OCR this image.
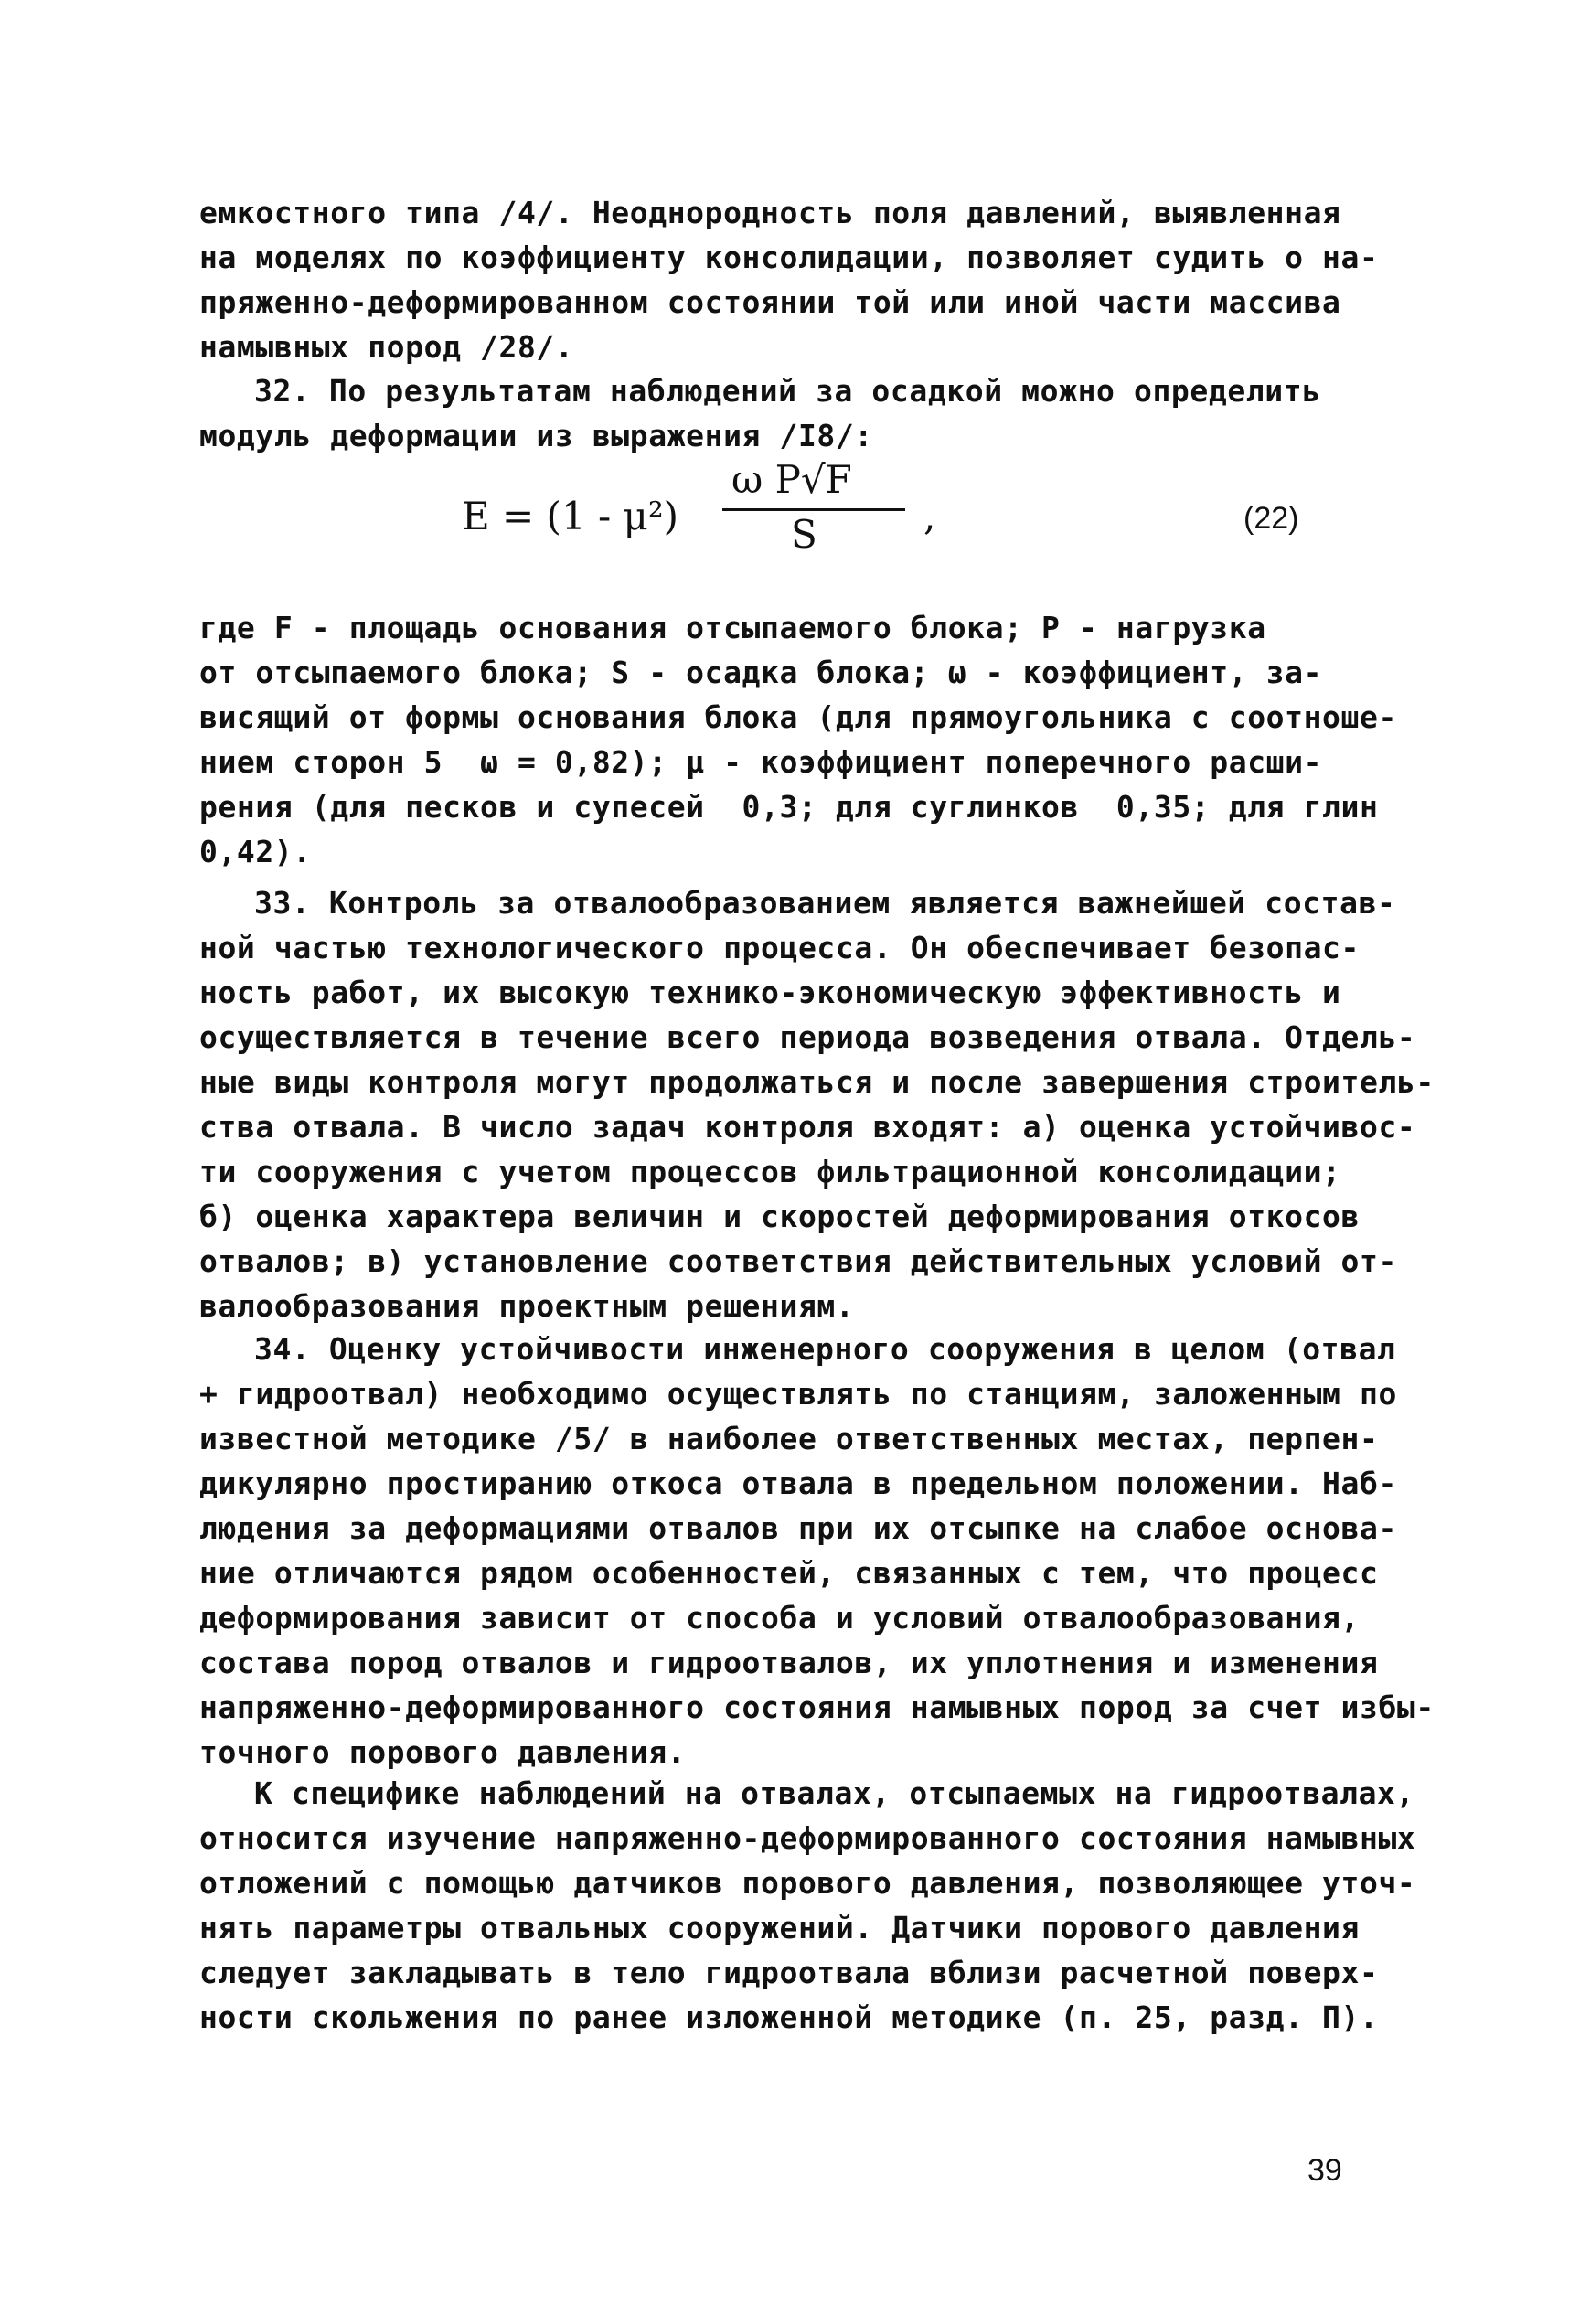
емкостного типа /4/. Неоднородность поля давлений, выявленная
на моделях по коэффициенту консолидации, позволяет судить о на-
пряженно-деформированном состоянии той или иной части массива
намывных пород /28/.
32. По результатам наблюдений за осадкой можно определить
модуль деформации из выражения /I8/:
E = (1 - μ²)
ω P√F
S	,	(22)
где F - площадь основания отсыпаемого блока; P - нагрузка
от отсыпаемого блока; S - осадка блока; ω - коэффициент, за-
висящий от формы основания блока (для прямоугольника с соотноше-
нием сторон 5  ω = 0,82); μ - коэффициент поперечного расши-
рения (для песков и супесей  0,3; для суглинков  0,35; для глин
0,42).
33. Контроль за отвалообразованием является важнейшей состав-
ной частью технологического процесса. Он обеспечивает безопас-
ность работ, их высокую технико-экономическую эффективность и
осуществляется в течение всего периода возведения отвала. Отдель-
ные виды контроля могут продолжаться и после завершения строитель-
ства отвала. В число задач контроля входят: а) оценка устойчивос-
ти сооружения с учетом процессов фильтрационной консолидации;
б) оценка характера величин и скоростей деформирования откосов
отвалов; в) установление соответствия действительных условий от-
валообразования проектным решениям.
34. Оценку устойчивости инженерного сооружения в целом (отвал
+ гидроотвал) необходимо осуществлять по станциям, заложенным по
известной методике /5/ в наиболее ответственных местах, перпен-
дикулярно простиранию откоса отвала в предельном положении. Наб-
людения за деформациями отвалов при их отсыпке на слабое основа-
ние отличаются рядом особенностей, связанных с тем, что процесс
деформирования зависит от способа и условий отвалообразования,
состава пород отвалов и гидроотвалов, их уплотнения и изменения
напряженно-деформированного состояния намывных пород за счет избы-
точного порового давления.
К специфике наблюдений на отвалах, отсыпаемых на гидроотвалах,
относится изучение напряженно-деформированного состояния намывных
отложений с помощью датчиков порового давления, позволяющее уточ-
нять параметры отвальных сооружений. Датчики порового давления
следует закладывать в тело гидроотвала вблизи расчетной поверх-
ности скольжения по ранее изложенной методике (п. 25, разд. П).
39
